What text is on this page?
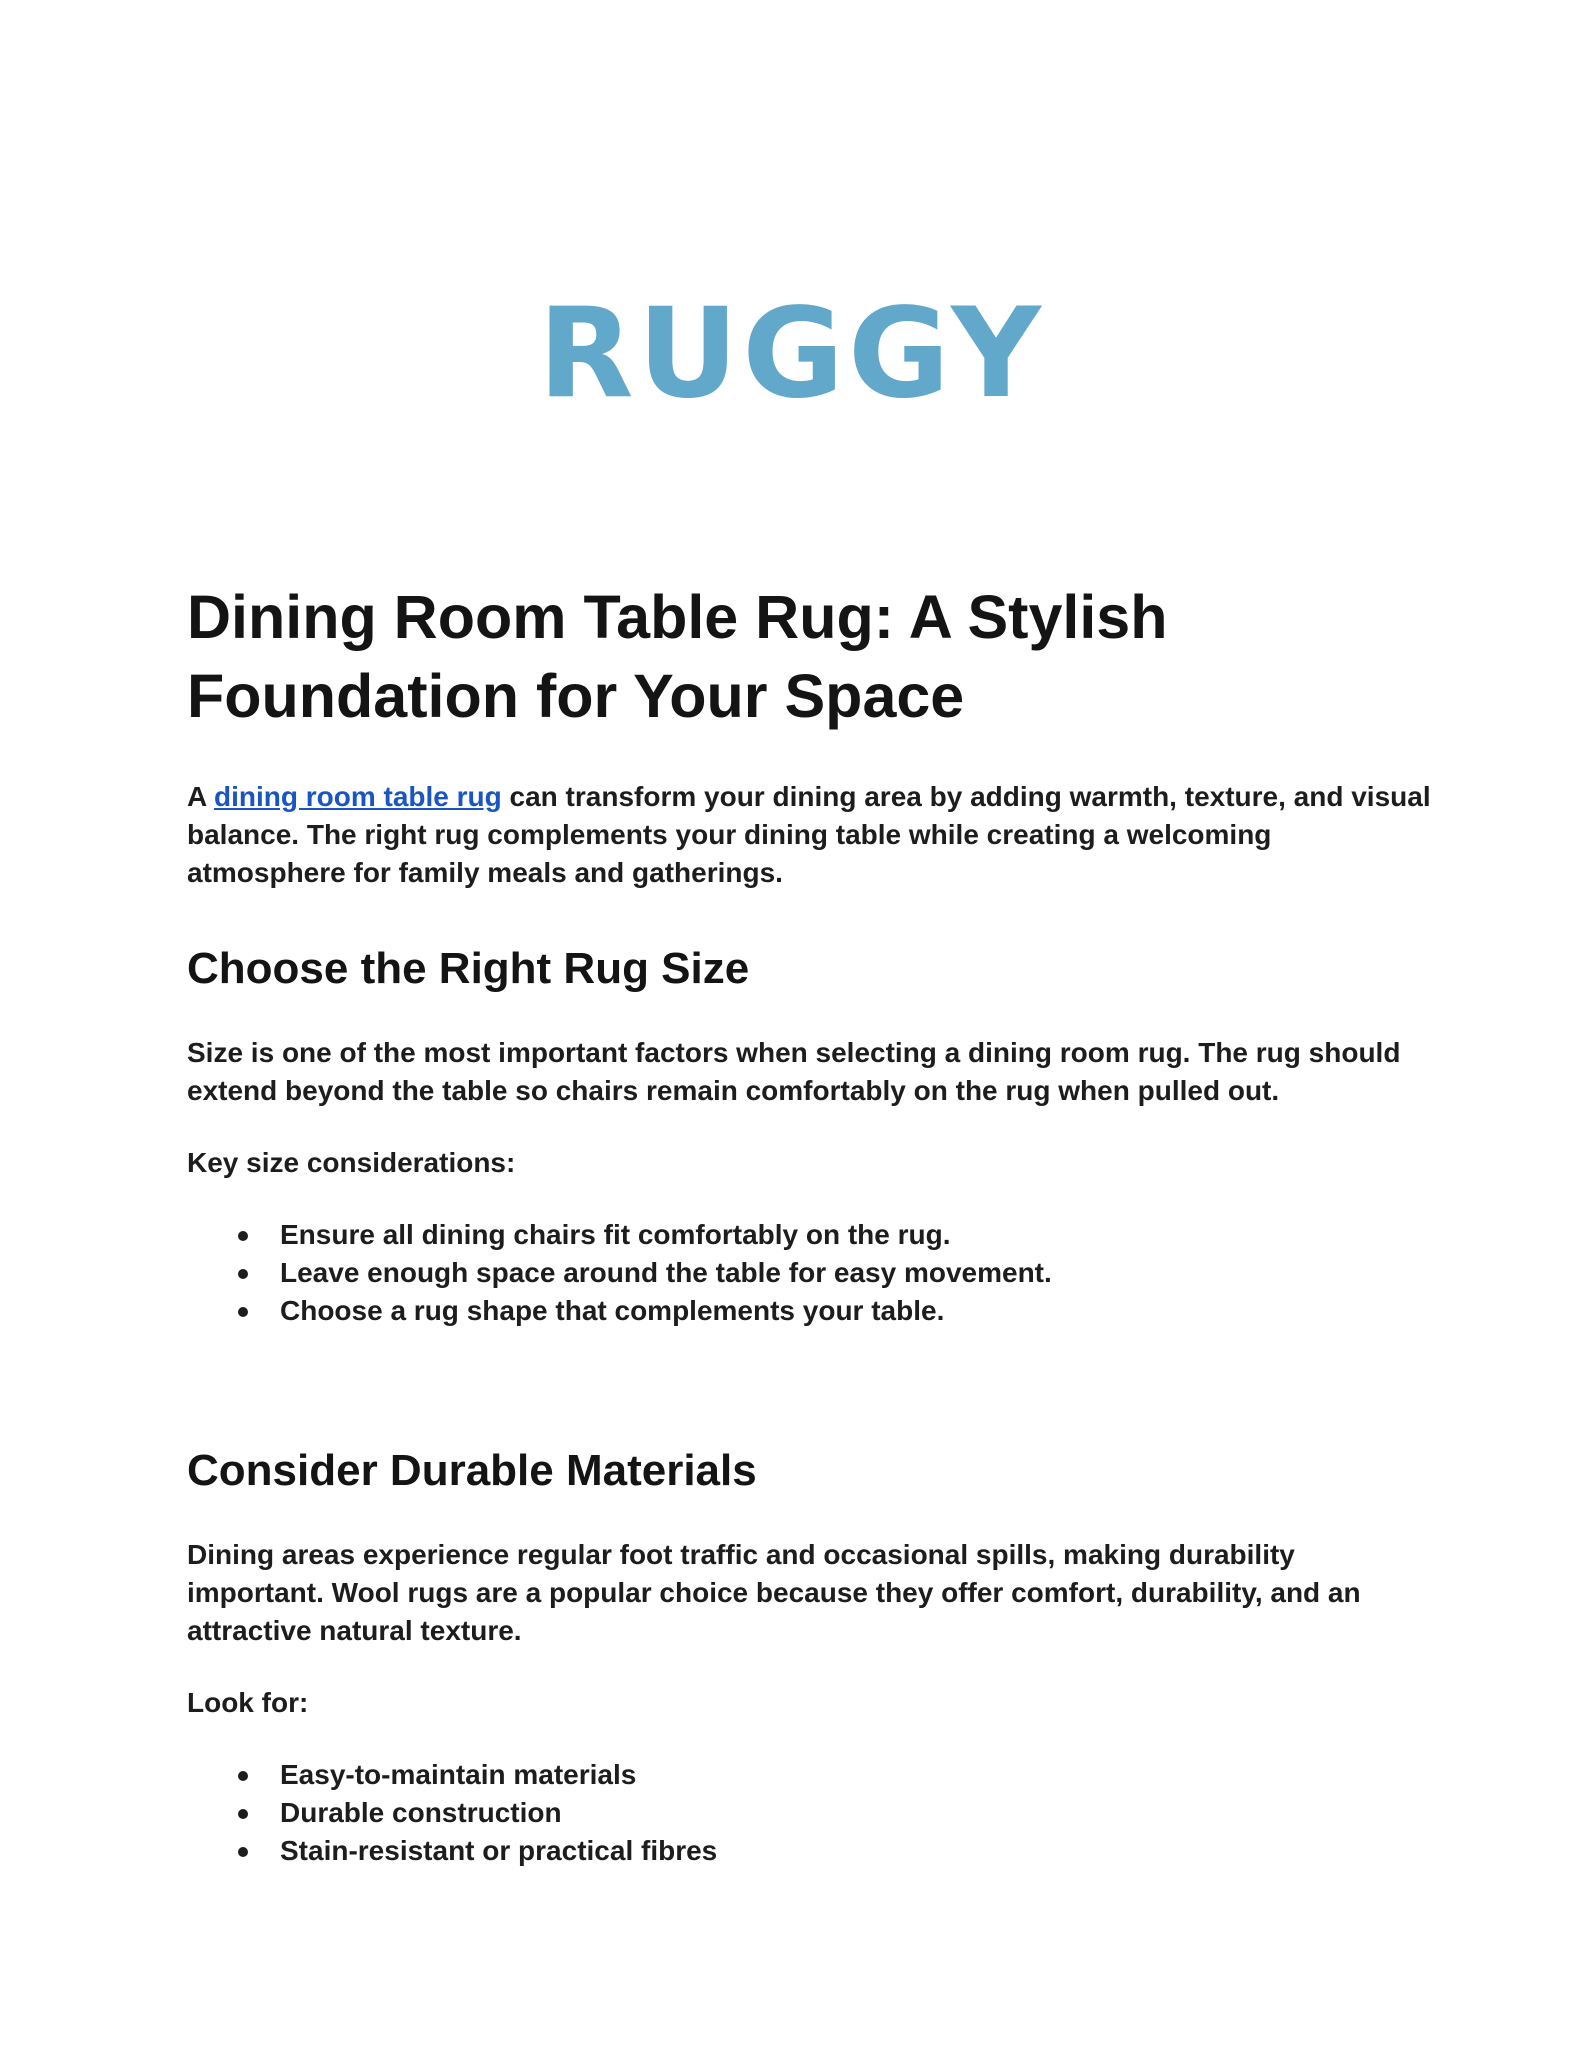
RUGGY
Dining Room Table Rug: A Stylish Foundation for Your Space

A dining room table rug can transform your dining area by adding warmth, texture, and visual balance. The right rug complements your dining table while creating a welcoming atmosphere for family meals and gatherings.

Choose the Right Rug Size

Size is one of the most important factors when selecting a dining room rug. The rug should extend beyond the table so chairs remain comfortably on the rug when pulled out.

Key size considerations:

Ensure all dining chairs fit comfortably on the rug.
Leave enough space around the table for easy movement.
Choose a rug shape that complements your table.
Consider Durable Materials

Dining areas experience regular foot traffic and occasional spills, making durability important. Wool rugs are a popular choice because they offer comfort, durability, and an attractive natural texture.

Look for:

Easy-to-maintain materials
Durable construction
Stain-resistant or practical fibres
